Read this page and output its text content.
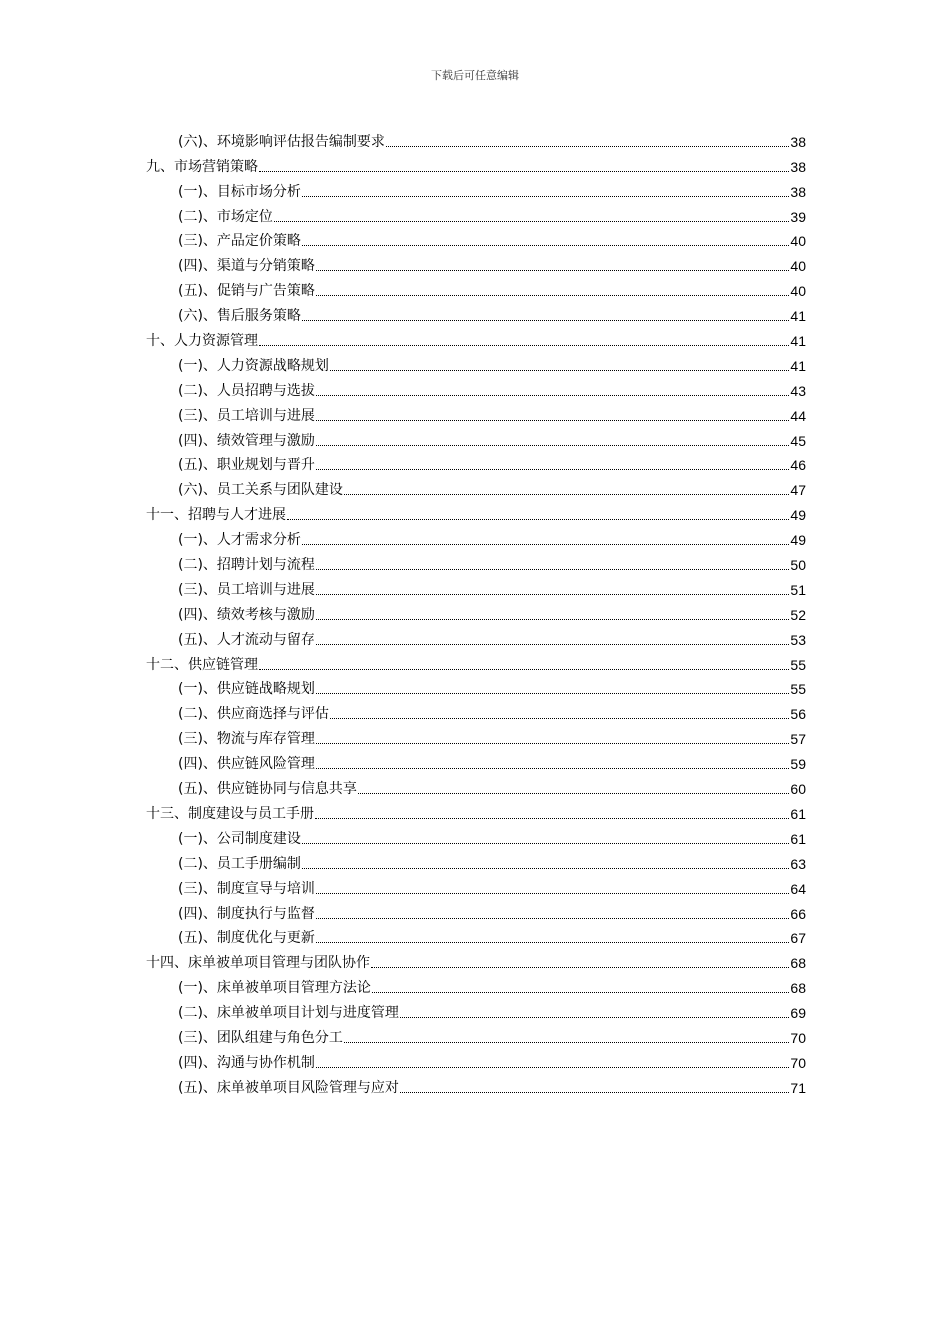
下载后可任意编辑
(六)、环境影响评估报告编制要求	38
九、市场营销策略	38
(一)、目标市场分析	38
(二)、市场定位	39
(三)、产品定价策略	40
(四)、渠道与分销策略	40
(五)、促销与广告策略	40
(六)、售后服务策略	41
十、人力资源管理	41
(一)、人力资源战略规划	41
(二)、人员招聘与选拔	43
(三)、员工培训与进展	44
(四)、绩效管理与激励	45
(五)、职业规划与晋升	46
(六)、员工关系与团队建设	47
十一、招聘与人才进展	49
(一)、人才需求分析	49
(二)、招聘计划与流程	50
(三)、员工培训与进展	51
(四)、绩效考核与激励	52
(五)、人才流动与留存	53
十二、供应链管理	55
(一)、供应链战略规划	55
(二)、供应商选择与评估	56
(三)、物流与库存管理	57
(四)、供应链风险管理	59
(五)、供应链协同与信息共享	60
十三、制度建设与员工手册	61
(一)、公司制度建设	61
(二)、员工手册编制	63
(三)、制度宣导与培训	64
(四)、制度执行与监督	66
(五)、制度优化与更新	67
十四、床单被单项目管理与团队协作	68
(一)、床单被单项目管理方法论	68
(二)、床单被单项目计划与进度管理	69
(三)、团队组建与角色分工	70
(四)、沟通与协作机制	70
(五)、床单被单项目风险管理与应对	71
